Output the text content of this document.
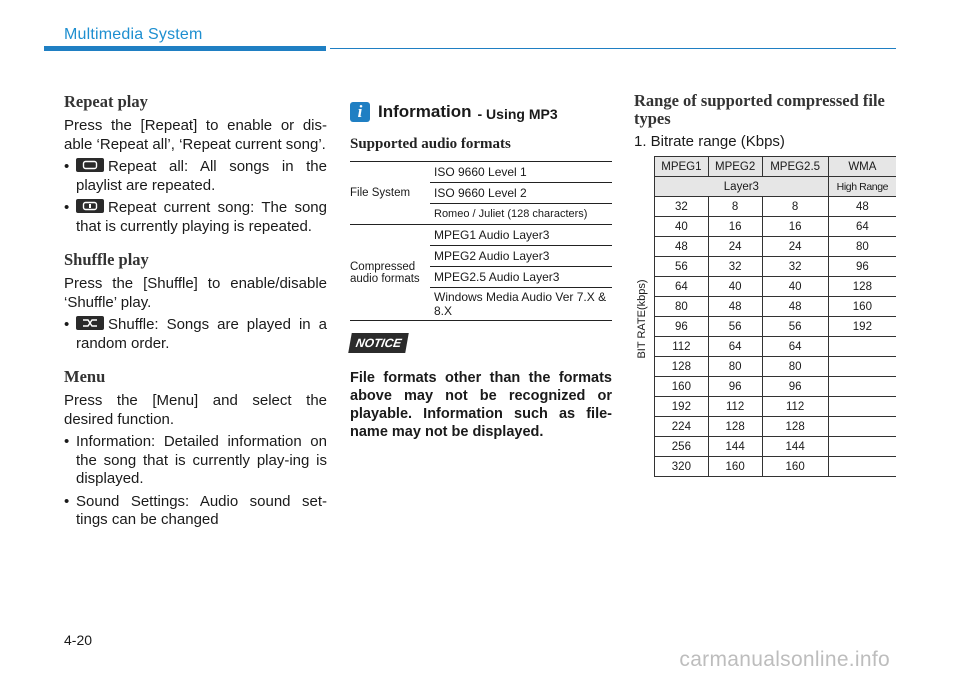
Multimedia System
Repeat play

Press the [Repeat] to enable or dis-able ‘Repeat all’, ‘Repeat current song’.

•	Repeat all: All songs in the playlist are repeated.
•	Repeat current song: The song that is currently playing is repeated.
Shuffle play

Press the [Shuffle] to enable/disable ‘Shuffle’ play.

•	Shuffle: Songs are played in a random order.
Menu

Press the [Menu] and select the desired function.

• Information: Detailed information on the song that is currently play-ing is displayed.
• Sound Settings: Audio sound set-tings can be changed
i Information - Using MP3
Supported audio formats
File System	ISO 9660 Level 1
	ISO 9660 Level 2
	Romeo / Juliet (128 characters)
Compressed audio formats	MPEG1 Audio Layer3
	MPEG2 Audio Layer3
	MPEG2.5 Audio Layer3
	Windows Media Audio Ver 7.X & 8.X
NOTICE
File formats other than the formats above may not be recognized or playable. Information such as file-name may not be displayed.
Range of supported compressed file types
1. Bitrate range (Kbps)
BIT RATE(kbps)
MPEG1	MPEG2	MPEG2.5	WMA
Layer3			High Range
32	8	8	48
40	16	16	64
48	24	24	80
56	32	32	96
64	40	40	128
80	48	48	160
96	56	56	192
112	64	64	
128	80	80	
160	96	96	
192	112	112	
224	128	128	
256	144	144	
320	160	160	
4-20
carmanualsonline.info
